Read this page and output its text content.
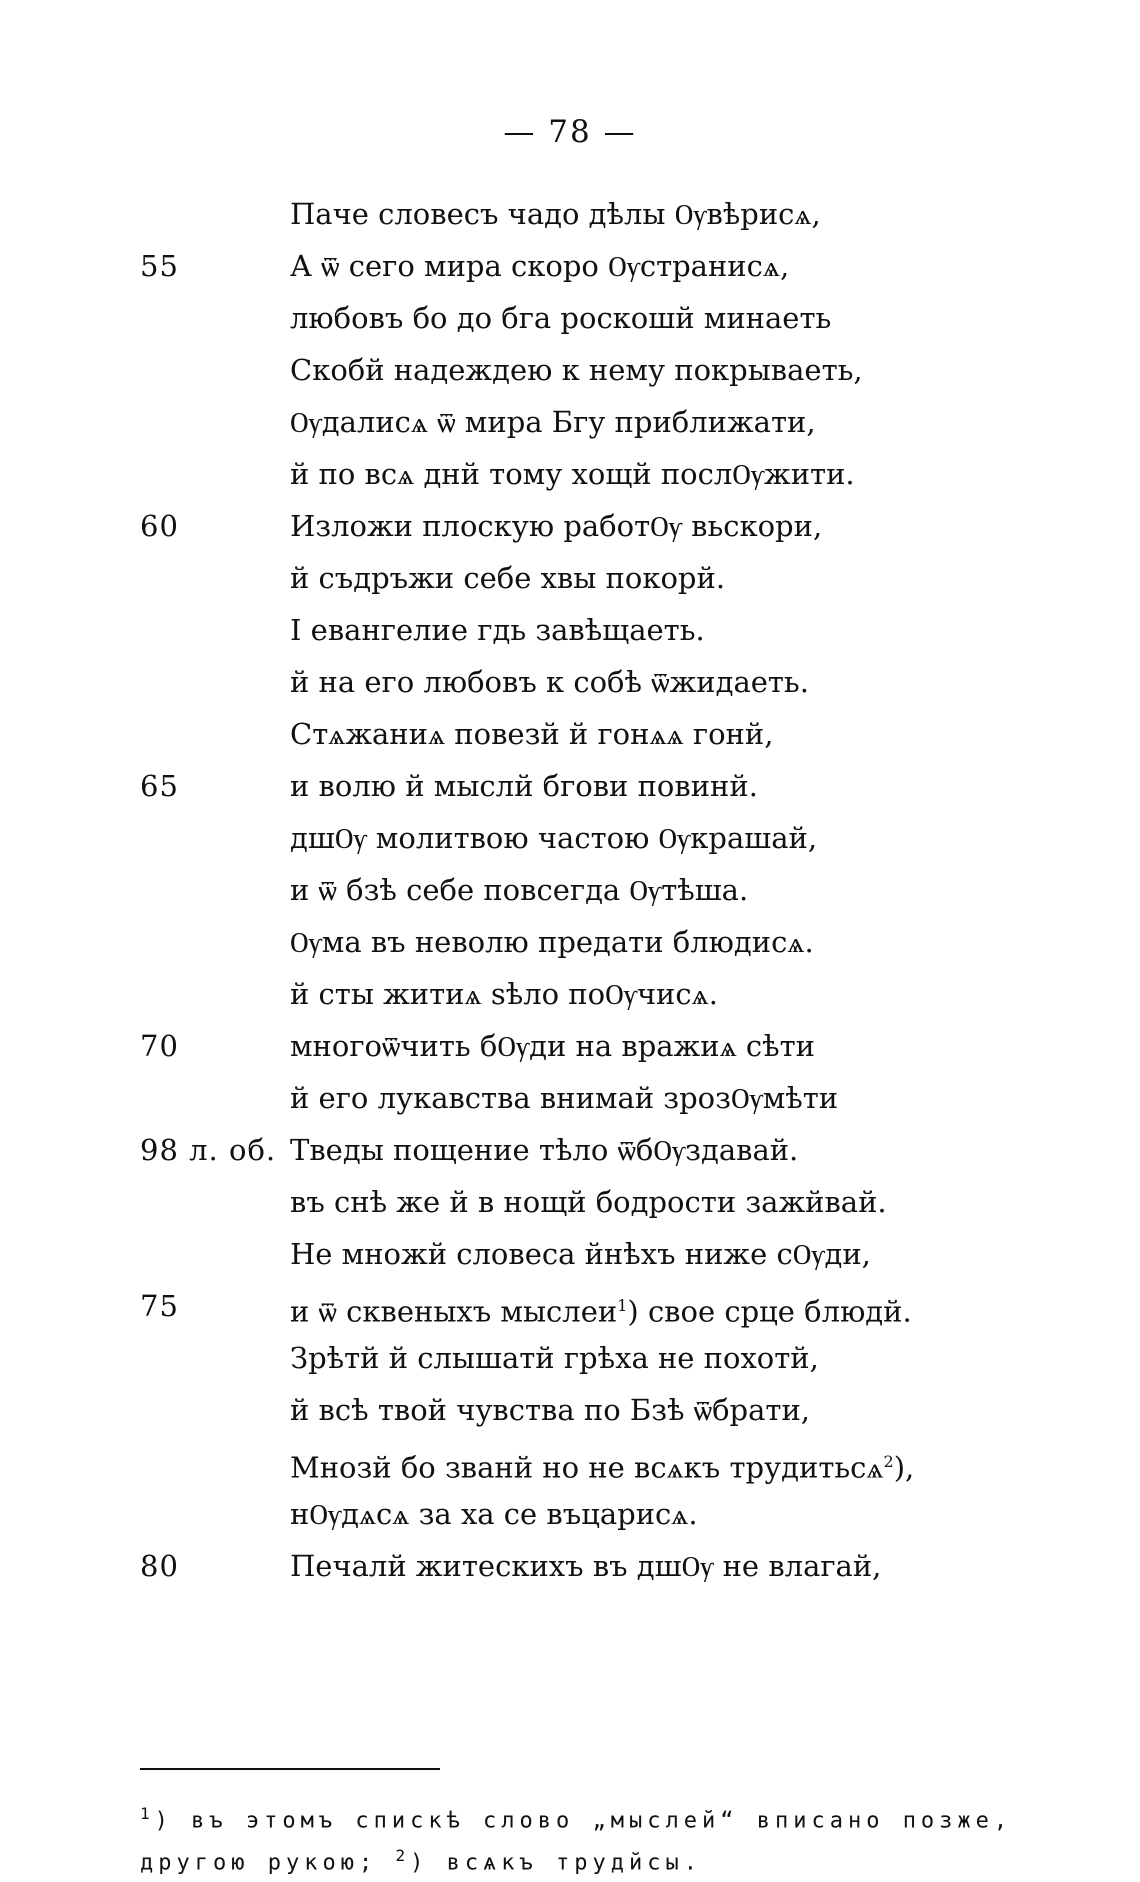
— 78 —
Паче словесъ чадо дѣлы Ѹвѣрисѧ,
55	А ѿ сего мира скоро Ѹстранисѧ,
любовъ бо до бга роскошй минаеть
Скобй надеждею к нему покрываеть,
Ѹдалисѧ ѿ мира Бгу приближати,
й по всѧ днй тому хощй послѸжити.
60	Изложи плоскую работѸ вьскори,
й съдръжи себе хвы покорй.
І евангелие гдь завѣщаеть.
й на его любовъ к собѣ ѿжидаеть.
Стѧжаниѧ повезй й гонѧѧ гонй,
65	и волю й мыслй бгови повинй.
дшѸ молитвою частою Ѹкрашай,
и ѿ бзѣ себе повсегда Ѹтѣша.
Ѹма въ неволю предати блюдисѧ.
й сты житиѧ ѕѣло поѸчисѧ.
70	многоѿчить бѸди на вражиѧ сѣти
й его лукавства внимай зрозѸмѣти
98 л. об. Тведы пощение тѣло ѿбѸздавай.
въ снѣ же й в нощй бодрости зажйвай.
Не множй словеса йнѣхъ ниже сѸди,
75	и ѿ сквеныхъ мыслеи$^1$) свое срце блюдй.
Зрѣтй й слышатй грѣха не похотй,
й всѣ твой чувства по Бзѣ ѿбрати,
Мнозй бо званй но не всѧкъ трудитьсѧ$^2$),
нѸдѧсѧ за ха се въцарисѧ.
80	Печалй житескихъ въ дшѸ не влагай,
$^1$) въ этомъ спискѣ слово „мыслей“ вписано позже,
другою рукою; $^2$) всѧкъ трудйсы.
